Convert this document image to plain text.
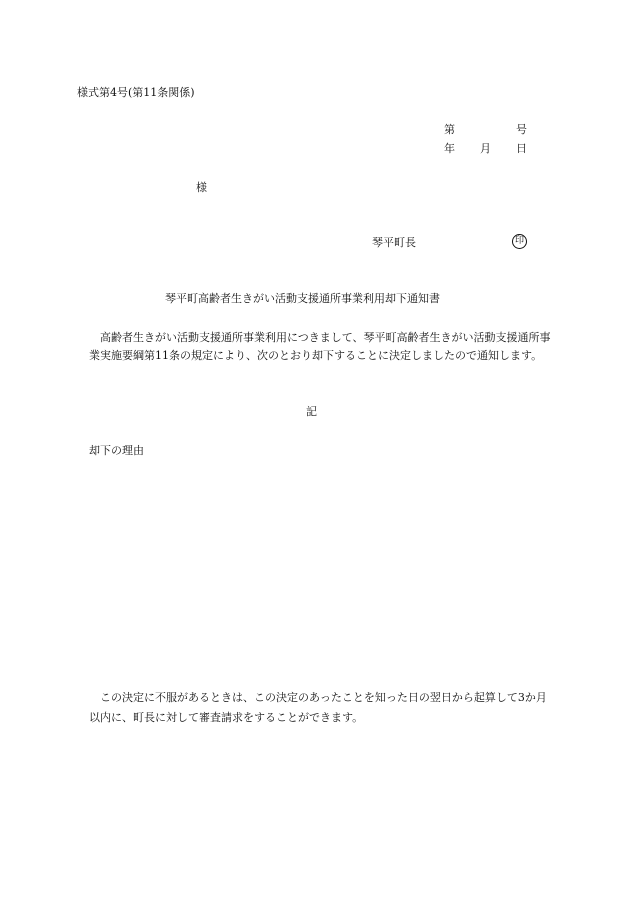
様式第4号(第11条関係)
第	号
年 月 日
様
琴平町長	印
琴平町高齢者生きがい活動支援通所事業利用却下通知書
高齢者生きがい活動支援通所事業利用につきまして、琴平町高齢者生きがい活動支援通所事業実施要綱第11条の規定により、次のとおり却下することに決定しましたので通知します。
記
却下の理由
この決定に不服があるときは、この決定のあったことを知った日の翌日から起算して3か月以内に、町長に対して審査請求をすることができます。
